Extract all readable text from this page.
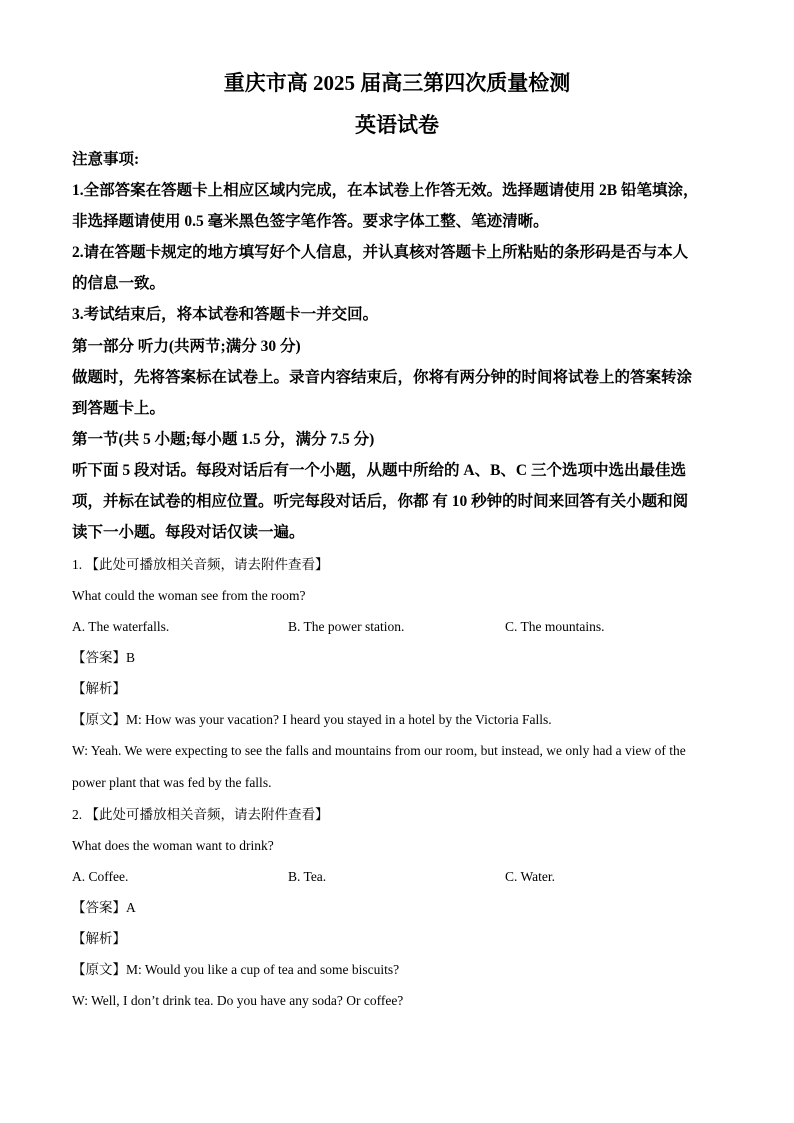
重庆市高 2025 届高三第四次质量检测
英语试卷
注意事项:
1.全部答案在答题卡上相应区域内完成，在本试卷上作答无效。选择题请使用 2B 铅笔填涂，
非选择题请使用 0.5 毫米黑色签字笔作答。要求字体工整、笔迹清晰。
2.请在答题卡规定的地方填写好个人信息，并认真核对答题卡上所粘贴的条形码是否与本人
的信息一致。
3.考试结束后，将本试卷和答题卡一并交回。
第一部分 听力(共两节;满分 30 分)
做题时，先将答案标在试卷上。录音内容结束后，你将有两分钟的时间将试卷上的答案转涂
到答题卡上。
第一节(共 5 小题;每小题 1.5 分，满分 7.5 分)
听下面 5 段对话。每段对话后有一个小题，从题中所给的 A、B、C 三个选项中选出最佳选
项，并标在试卷的相应位置。听完每段对话后，你都 有 10 秒钟的时间来回答有关小题和阅
读下一小题。每段对话仅读一遍。
1. 【此处可播放相关音频，请去附件查看】
What could the woman see from the room?
A. The waterfalls.	B. The power station.	C. The mountains.
【答案】B
【解析】
【原文】M: How was your vacation? I heard you stayed in a hotel by the Victoria Falls.
W: Yeah. We were expecting to see the falls and mountains from our room, but instead, we only had a view of the
power plant that was fed by the falls.
2. 【此处可播放相关音频，请去附件查看】
What does the woman want to drink?
A. Coffee.	B. Tea.	C. Water.
【答案】A
【解析】
【原文】M: Would you like a cup of tea and some biscuits?
W: Well, I don’t drink tea. Do you have any soda? Or coffee?
